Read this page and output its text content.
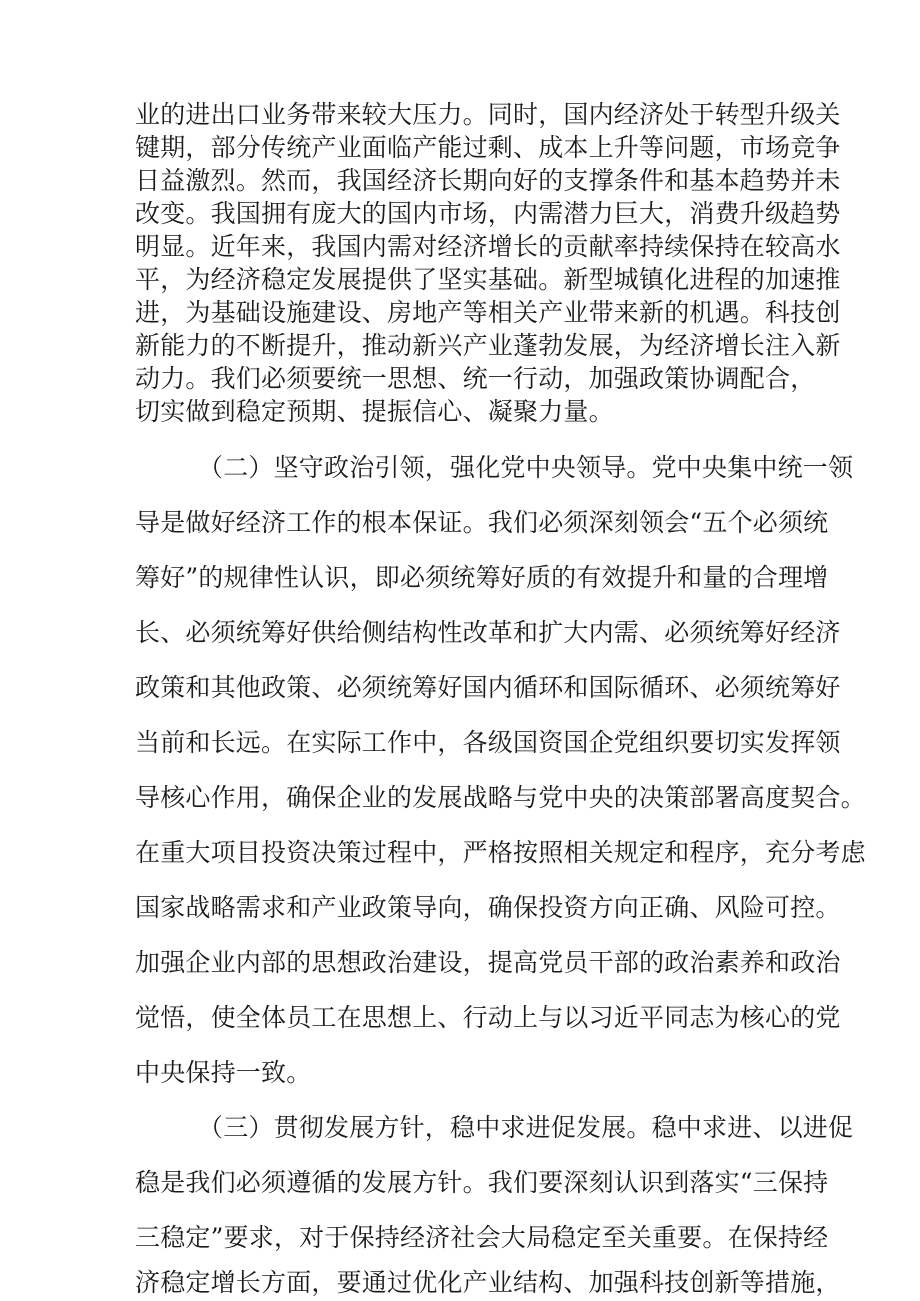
业的进出口业务带来较大压力。同时，国内经济处于转型升级关
键期，部分传统产业面临产能过剩、成本上升等问题，市场竞争
日益激烈。然而，我国经济长期向好的支撑条件和基本趋势并未
改变。我国拥有庞大的国内市场，内需潜力巨大，消费升级趋势
明显。近年来，我国内需对经济增长的贡献率持续保持在较高水
平，为经济稳定发展提供了坚实基础。新型城镇化进程的加速推
进，为基础设施建设、房地产等相关产业带来新的机遇。科技创
新能力的不断提升，推动新兴产业蓬勃发展，为经济增长注入新
动力。我们必须要统一思想、统一行动，加强政策协调配合，
切实做到稳定预期、提振信心、凝聚力量。
（二）坚守政治引领，强化党中央领导。党中央集中统一领
导是做好经济工作的根本保证。我们必须深刻领会“五个必须统
筹好”的规律性认识，即必须统筹好质的有效提升和量的合理增
长、必须统筹好供给侧结构性改革和扩大内需、必须统筹好经济
政策和其他政策、必须统筹好国内循环和国际循环、必须统筹好
当前和长远。在实际工作中，各级国资国企党组织要切实发挥领
导核心作用，确保企业的发展战略与党中央的决策部署高度契合。
在重大项目投资决策过程中，严格按照相关规定和程序，充分考虑
国家战略需求和产业政策导向，确保投资方向正确、风险可控。
加强企业内部的思想政治建设，提高党员干部的政治素养和政治
觉悟，使全体员工在思想上、行动上与以习近平同志为核心的党
中央保持一致。
（三）贯彻发展方针，稳中求进促发展。稳中求进、以进促
稳是我们必须遵循的发展方针。我们要深刻认识到落实“三保持
三稳定”要求，对于保持经济社会大局稳定至关重要。在保持经
济稳定增长方面，要通过优化产业结构、加强科技创新等措施，
